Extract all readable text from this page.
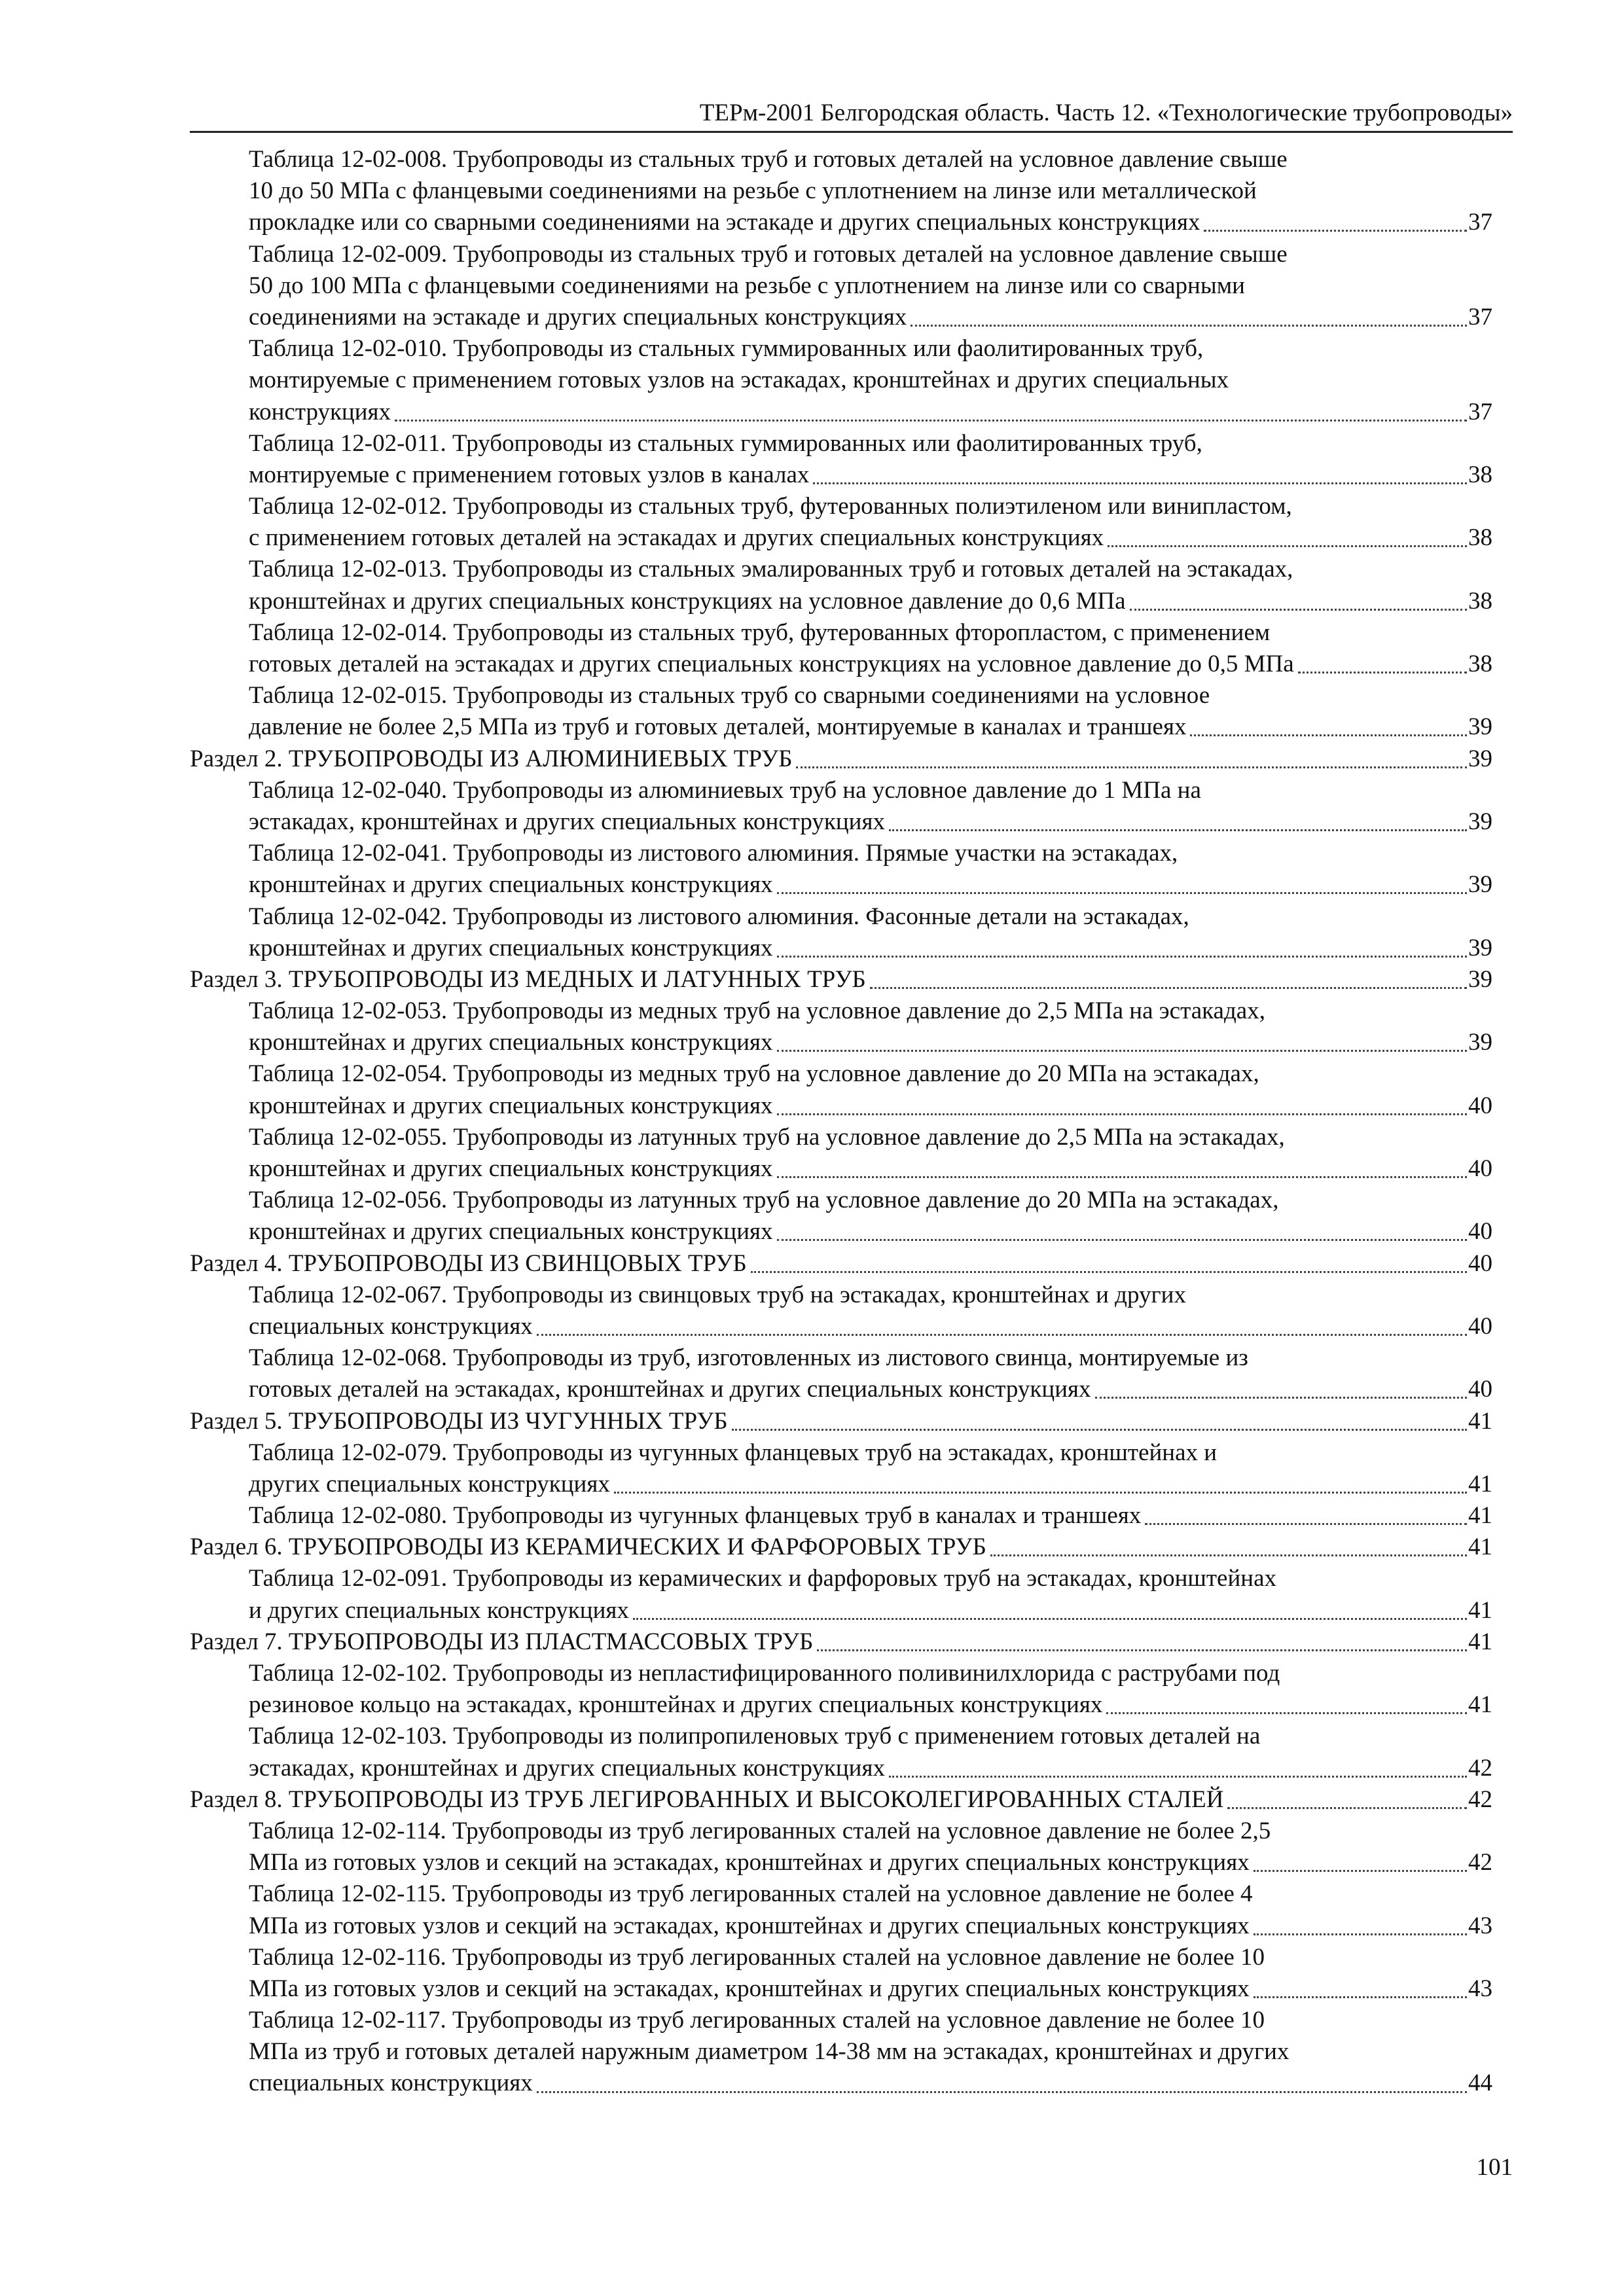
ТЕРм-2001 Белгородская область. Часть 12. «Технологические трубопроводы»
Таблица 12-02-008. Трубопроводы из стальных труб и готовых деталей на условное давление свыше
10 до 50 МПа с фланцевыми соединениями на резьбе с уплотнением на линзе или металлической
прокладке или со сварными соединениями на эстакаде и других специальных конструкциях	37
Таблица 12-02-009. Трубопроводы из стальных труб и готовых деталей на условное давление свыше
50 до 100 МПа с фланцевыми соединениями на резьбе с уплотнением на линзе или со сварными
соединениями на эстакаде и других специальных конструкциях	37
Таблица 12-02-010. Трубопроводы из стальных гуммированных или фаолитированных труб,
монтируемые с применением готовых узлов на эстакадах, кронштейнах и других специальных
конструкциях	37
Таблица 12-02-011. Трубопроводы из стальных гуммированных или фаолитированных труб,
монтируемые с применением готовых узлов в каналах	38
Таблица 12-02-012. Трубопроводы из стальных труб, футерованных полиэтиленом или винипластом,
с применением готовых деталей на эстакадах и других специальных конструкциях	38
Таблица 12-02-013. Трубопроводы из стальных эмалированных труб и готовых деталей на эстакадах,
кронштейнах и других специальных конструкциях на условное давление до 0,6 МПа	38
Таблица 12-02-014. Трубопроводы из стальных труб, футерованных фторопластом, с применением
готовых деталей на эстакадах и других специальных конструкциях на условное давление до 0,5 МПа	38
Таблица 12-02-015. Трубопроводы из стальных труб со сварными соединениями на условное
давление не более 2,5 МПа из труб и готовых деталей, монтируемые в каналах и траншеях	39
Раздел 2. ТРУБОПРОВОДЫ ИЗ АЛЮМИНИЕВЫХ ТРУБ	39
Таблица 12-02-040. Трубопроводы из алюминиевых труб на условное давление до 1 МПа на
эстакадах, кронштейнах и других специальных конструкциях	39
Таблица 12-02-041. Трубопроводы из листового алюминия. Прямые участки на эстакадах,
кронштейнах и других специальных конструкциях	39
Таблица 12-02-042. Трубопроводы из листового алюминия. Фасонные детали на эстакадах,
кронштейнах и других специальных конструкциях	39
Раздел 3. ТРУБОПРОВОДЫ ИЗ МЕДНЫХ И ЛАТУННЫХ ТРУБ	39
Таблица 12-02-053. Трубопроводы из медных труб на условное давление до 2,5 МПа на эстакадах,
кронштейнах и других специальных конструкциях	39
Таблица 12-02-054. Трубопроводы из медных труб на условное давление до 20 МПа на эстакадах,
кронштейнах и других специальных конструкциях	40
Таблица 12-02-055. Трубопроводы из латунных труб на условное давление до 2,5 МПа на эстакадах,
кронштейнах и других специальных конструкциях	40
Таблица 12-02-056. Трубопроводы из латунных труб на условное давление до 20 МПа на эстакадах,
кронштейнах и других специальных конструкциях	40
Раздел 4. ТРУБОПРОВОДЫ ИЗ СВИНЦОВЫХ ТРУБ	40
Таблица 12-02-067. Трубопроводы из свинцовых труб на эстакадах, кронштейнах и других
специальных конструкциях	40
Таблица 12-02-068. Трубопроводы из труб, изготовленных из листового свинца, монтируемые из
готовых деталей на эстакадах, кронштейнах и других специальных конструкциях	40
Раздел 5. ТРУБОПРОВОДЫ ИЗ ЧУГУННЫХ ТРУБ	41
Таблица 12-02-079. Трубопроводы из чугунных фланцевых труб на эстакадах, кронштейнах и
других специальных конструкциях	41
Таблица 12-02-080. Трубопроводы из чугунных фланцевых труб в каналах и траншеях	41
Раздел 6. ТРУБОПРОВОДЫ ИЗ КЕРАМИЧЕСКИХ И ФАРФОРОВЫХ ТРУБ	41
Таблица 12-02-091. Трубопроводы из керамических и фарфоровых труб на эстакадах, кронштейнах
и других специальных конструкциях	41
Раздел 7. ТРУБОПРОВОДЫ ИЗ ПЛАСТМАССОВЫХ ТРУБ	41
Таблица 12-02-102. Трубопроводы из непластифицированного поливинилхлорида с раструбами под
резиновое кольцо на эстакадах, кронштейнах и других специальных конструкциях	41
Таблица 12-02-103. Трубопроводы из полипропиленовых труб с применением готовых деталей на
эстакадах, кронштейнах и других специальных конструкциях	42
Раздел 8. ТРУБОПРОВОДЫ ИЗ ТРУБ ЛЕГИРОВАННЫХ И ВЫСОКОЛЕГИРОВАННЫХ СТАЛЕЙ	42
Таблица 12-02-114. Трубопроводы из труб легированных сталей на условное давление не более 2,5
МПа из готовых узлов и секций на эстакадах, кронштейнах и других специальных конструкциях	42
Таблица 12-02-115. Трубопроводы из труб легированных сталей на условное давление не более 4
МПа из готовых узлов и секций на эстакадах, кронштейнах и других специальных конструкциях	43
Таблица 12-02-116. Трубопроводы из труб легированных сталей на условное давление не более 10
МПа из готовых узлов и секций на эстакадах, кронштейнах и других специальных конструкциях	43
Таблица 12-02-117. Трубопроводы из труб легированных сталей на условное давление не более 10
МПа из труб и готовых деталей наружным диаметром 14-38 мм на эстакадах, кронштейнах и других
специальных конструкциях	44
101
